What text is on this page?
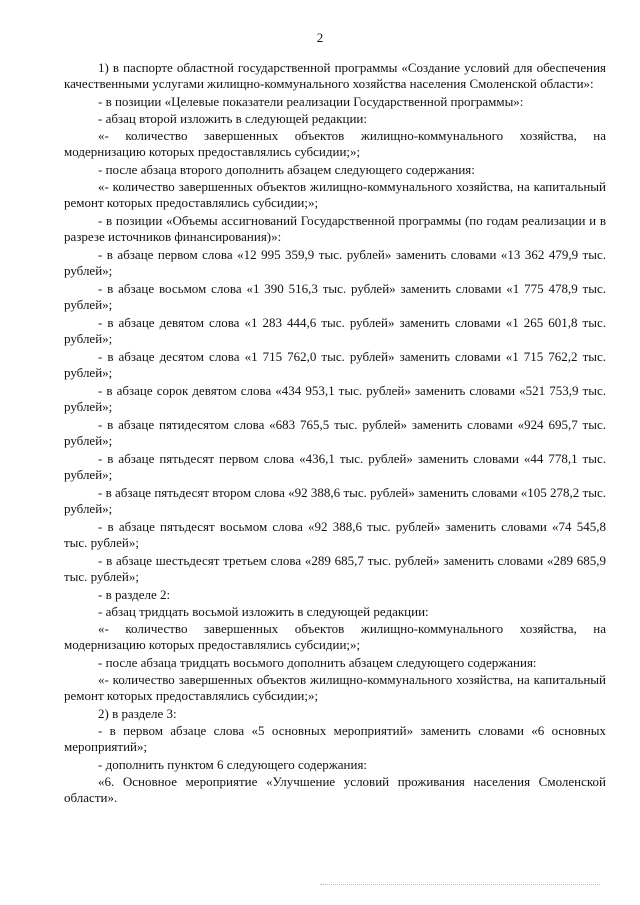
2

1) в паспорте областной государственной программы «Создание условий для обеспечения качественными услугами жилищно-коммунального хозяйства населения Смоленской области»:

- в позиции «Целевые показатели реализации Государственной программы»:

- абзац второй изложить в следующей редакции:

«- количество завершенных объектов жилищно-коммунального хозяйства, на модернизацию которых предоставлялись субсидии;»;

- после абзаца второго дополнить абзацем следующего содержания:

«- количество завершенных объектов жилищно-коммунального хозяйства, на капитальный ремонт которых предоставлялись субсидии;»;

- в позиции «Объемы ассигнований Государственной программы (по годам реализации и в разрезе источников финансирования)»:

- в абзаце первом слова «12 995 359,9 тыс. рублей» заменить словами «13 362 479,9 тыс. рублей»;

- в абзаце восьмом слова «1 390 516,3 тыс. рублей» заменить словами «1 775 478,9 тыс. рублей»;

- в абзаце девятом слова «1 283 444,6 тыс. рублей» заменить словами «1 265 601,8 тыс. рублей»;

- в абзаце десятом слова «1 715 762,0 тыс. рублей» заменить словами «1 715 762,2 тыс. рублей»;

- в абзаце сорок девятом слова «434 953,1 тыс. рублей» заменить словами «521 753,9 тыс. рублей»;

- в абзаце пятидесятом слова «683 765,5 тыс. рублей» заменить словами «924 695,7 тыс. рублей»;

- в абзаце пятьдесят первом слова «436,1 тыс. рублей» заменить словами «44 778,1 тыс. рублей»;

- в абзаце пятьдесят втором слова «92 388,6 тыс. рублей» заменить словами «105 278,2 тыс. рублей»;

- в абзаце пятьдесят восьмом слова «92 388,6 тыс. рублей» заменить словами «74 545,8 тыс. рублей»;

- в абзаце шестьдесят третьем слова «289 685,7 тыс. рублей» заменить словами «289 685,9 тыс. рублей»;

- в разделе 2:

- абзац тридцать восьмой изложить в следующей редакции:

«- количество завершенных объектов жилищно-коммунального хозяйства, на модернизацию которых предоставлялись субсидии;»;

- после абзаца тридцать восьмого дополнить абзацем следующего содержания:

«- количество завершенных объектов жилищно-коммунального хозяйства, на капитальный ремонт которых предоставлялись субсидии;»;

2) в разделе 3:

- в первом абзаце слова «5 основных мероприятий» заменить словами «6 основных мероприятий»;

- дополнить пунктом 6 следующего содержания:

«6. Основное мероприятие «Улучшение условий проживания населения Смоленской области».
